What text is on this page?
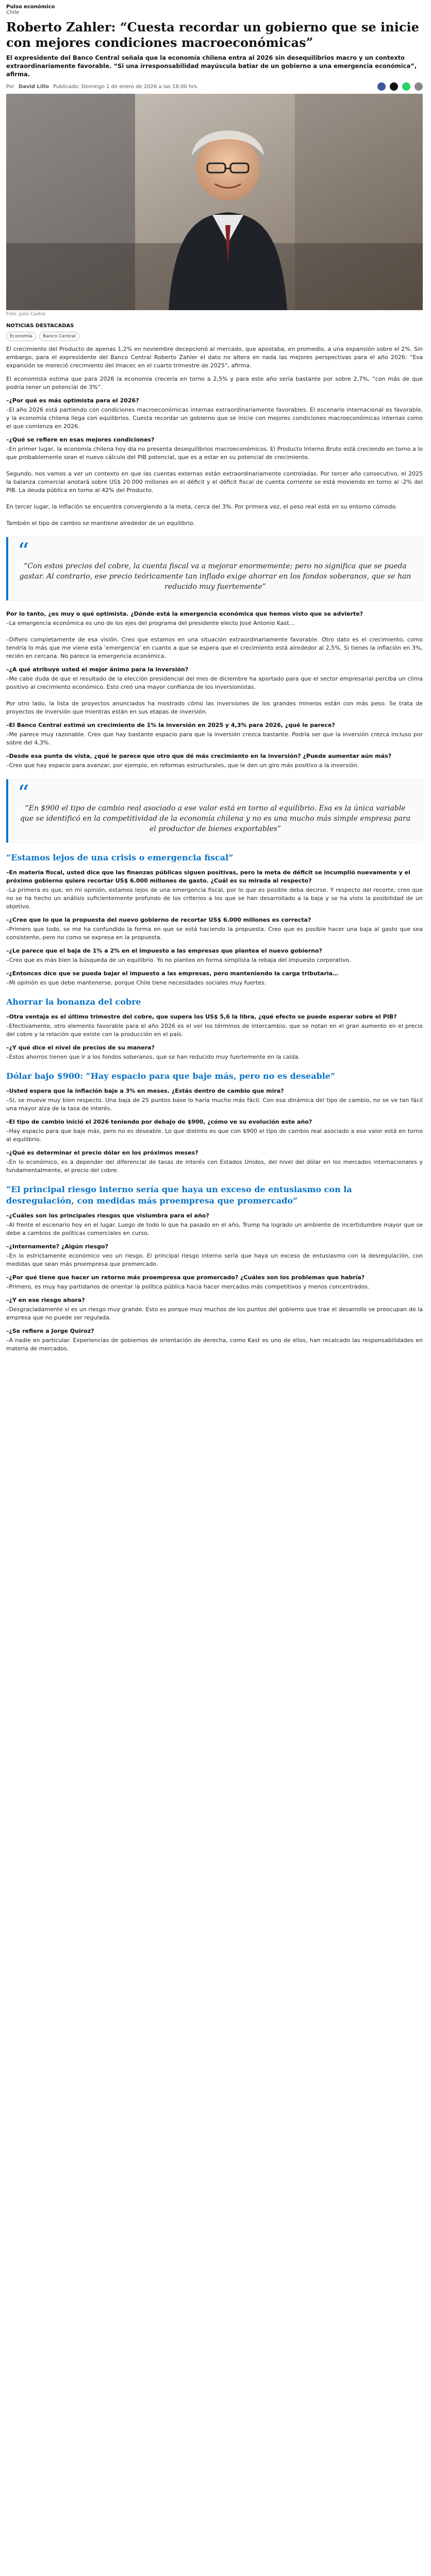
Pulso económico
Chile
Roberto Zahler: “Cuesta recordar un gobierno que se inicie con mejores condiciones macroeconómicas”

El expresidente del Banco Central señala que la economía chilena entra al 2026 sin desequilibrios macro y un contexto extraordinariamente favorable. “Si una irresponsabilidad mayúscula batiar de un gobierno a una emergencia económica”, afirma.

Por David Lillo Publicado: Domingo 1 de enero de 2026 a las 18:00 hrs.
Foto: Julio Castro
NOTICIAS DESTACADAS
Economía	Banco Central

El crecimiento del Producto de apenas 1,2% en noviembre decepcionó al mercado, que apostaba, en promedio, a una expansión sobre el 2%. Sin embargo, para el expresidente del Banco Central Roberto Zahler el dato no altera en nada las mejores perspectivas para el año 2026: “Esa expansión se mereció crecimiento del Imacec en el cuarto trimestre de 2025”, afirma.

El economista estima que para 2026 la economía crecería en torno a 2,5% y para este año sería bastante por sobre 2,7%, “con más de que podría tener un potencial de 3%”.

–¿Por qué es más optimista para el 2026?

–El año 2026 está partiendo con condiciones macroeconómicas internas extraordinariamente favorables. El escenario internacional es favorable, y la economía chilena llega con equilibrios. Cuesta recordar un gobierno que se inicie con mejores condiciones macroeconómicas internas como el que comienza en 2026.

–¿Qué se refiere en esas mejores condiciones?

–En primer lugar, la economía chilena hoy día no presenta desequilibrios macroeconómicos. El Producto Interno Bruto está creciendo en torno a lo que probablemente sean el nuevo cálculo del PIB potencial, que es a estar en su potencial de crecimiento.

Segundo, nos vamos a ver un contexto en que las cuentas externas están extraordinariamente controladas. Por tercer año consecutivo, el 2025 la balanza comercial anotará sobre US$ 20.000 millones en el déficit y el déficit fiscal de cuenta corriente se está moviendo en torno al -2% del PIB. La deuda pública en torno al 42% del Producto.

En tercer lugar, la inflación se encuentra convergiendo a la meta, cerca del 3%. Por primera vez, el peso real está en su entorno cómodo.

También el tipo de cambio se mantiene alrededor de un equilibrio.

“
“Con estos precios del cobre, la cuenta fiscal va a mejorar enormemente; pero no significa que se pueda gastar. Al contrario, ese precio teóricamente tan inflado exige ahorrar en los fondos soberanos, que se han reducido muy fuertemente”

Por lo tanto, ¿es muy o qué optimista. ¿Dónde está la emergencia económica que hemos visto que se advierte?

–La emergencia económica es uno de los ejes del programa del presidente electo José Antonio Kast…

–Difiero completamente de esa visión. Creo que estamos en una situación extraordinariamente favorable. Otro dato es el crecimiento, como tendría lo más que me viene esta 'emergencia' en cuanto a que se espera que el crecimiento está alrededor al 2,5%. Si tienes la inflación en 3%, recién en cercana. No parece la emergencia económica.

–¿A qué atribuye usted el mejor ánimo para la inversión?

–Me cabe duda de que el resultado de la elección presidencial del mes de diciembre ha aportado para que el sector empresarial perciba un clima positivo al crecimiento económico. Esto creó una mayor confianza de los inversionistas.

Por otro lado, la lista de proyectos anunciados ha mostrado cómo las inversiones de los grandes mineros están con más peso. Se trata de proyectos de inversión que mientras están en sus etapas de inversión.

–El Banco Central estimó un crecimiento de 1% la inversión en 2025 y 4,3% para 2026, ¿qué le parece?

–Me parece muy razonable. Creo que hay bastante espacio para que la inversión crezca bastante. Podría ser que la inversión crezca incluso por sobre del 4,3%.

–Desde esa punta de vista, ¿qué le parece que otro que dé más crecimiento en la inversión? ¿Puede aumentar aún más?

–Creo que hay espacio para avanzar, por ejemplo, en reformas estructurales, que le den un giro más positivo a la inversión.

“
“En $900 el tipo de cambio real asociado a ese valor está en torno al equilibrio. Esa es la única variable que se identificó en la competitividad de la economía chilena y no es una mucho más simple empresa para el productor de bienes exportables”
“Estamos lejos de una crisis o emergencia fiscal”

–En materia fiscal, usted dice que las finanzas públicas siguen positivas, pero la meta de déficit se incumplió nuevamente y el próximo gobierno quiere recortar US$ 6.000 millones de gasto. ¿Cuál es su mirada al respecto?

–La primera es que, en mi opinión, estamos lejos de una emergencia fiscal, por lo que es posible deba decirse. Y respecto del recorte, creo que no se ha hecho un análisis suficientemente profundo de los criterios a los que se han desarrollado a la baja y se ha visto la posibilidad de un objetivo.

–¿Cree que lo que la propuesta del nuevo gobierno de recortar US$ 6.000 millones es correcta?

–Primero que todo, se me ha confundido la forma en que se está haciendo la propuesta. Creo que es posible hacer una baja al gasto que sea consistente, pero no como se expresa en la propuesta.

–¿Le parece que el baja de 1% a 2% en el impuesto a las empresas que plantea el nuevo gobierno?

–Creo que es más bien la búsqueda de un equilibrio. Yo no planteo en forma simplista la rebaja del impuesto corporativo.

–¿Entonces dice que se pueda bajar el impuesto a las empresas, pero manteniendo la carga tributaria…

–Mi opinión es que debe mantenerse, porque Chile tiene necesidades sociales muy fuertes.

Ahorrar la bonanza del cobre

–Otra ventaja es el último trimestre del cobre, que supera los US$ 5,6 la libra, ¿qué efecto se puede esperar sobre el PIB?

–Efectivamente, otro elemento favorable para el año 2026 es el ver los términos de intercambio, que se notan en el gran aumento en el precio del cobre y la relación que existe con la producción en el país.

–¿Y qué dice el nivel de precios de su manera?

–Estos ahorros tienen que ir a los fondos soberanos, que se han reducido muy fuertemente en la caída.

Dólar bajo $900: “Hay espacio para que baje más, pero no es deseable”

–Usted espera que la inflación baje a 3% en meses. ¿Estás dentro de cambio que mira?

–Sí, se mueve muy bien respecto. Una baja de 25 puntos base lo haría mucho más fácil. Con esa dinámica del tipo de cambio, no se ve tan fácil una mayor alza de la tasa de interés.

–El tipo de cambio inició el 2026 teniendo por debajo de $900, ¿cómo ve su evolución este año?

–Hay espacio para que baje más, pero no es deseable. Lo que distinto es que con $900 el tipo de cambio real asociado a ese valor está en torno al equilibrio.

–¿Qué es determinar el precio dólar en los próximos meses?

–En lo económico, es a depender del diferencial de tasas de interés con Estados Unidos, del nivel del dólar en los mercados internacionales y fundamentalmente, el precio del cobre.

“El principal riesgo interno sería que haya un exceso de entusiasmo con la desregulación, con medidas más proempresa que promercado”

–¿Cuáles son los principales riesgos que vislumbra para el año?

–Al frente el escenario hoy en el lugar. Luego de todo lo que ha pasado en el año, Trump ha logrado un ambiente de incertidumbre mayor que se debe a cambios de políticas comerciales en curso.

–¿Internamente? ¿Algún riesgo?

–En lo estrictamente económico veo un riesgo. El principal riesgo interno sería que haya un exceso de entusiasmo con la desregulación, con medidas que sean más proempresa que promercado.

–¿Por qué tiene que hacer un retorno más proempresa que promercado? ¿Cuáles son los problemas que habría?

–Primero, es muy hay partidarios de orientar la política pública hacia hacer mercados más competitivos y menos concentrados.

–¿Y en ese riesgo ahora?

–Desgraciadamente sí es un riesgo muy grande. Esto es porque muy muchos de los puntos del gobierno que trae el desarrollo se preocupan de la empresa que no puede ser regulada.

–¿Se refiere a Jorge Quiroz?

–A nadie en particular. Experiencias de gobiernos de orientación de derecha, como Kast es uno de ellos, han recalcado las responsabilidades en materia de mercados.
